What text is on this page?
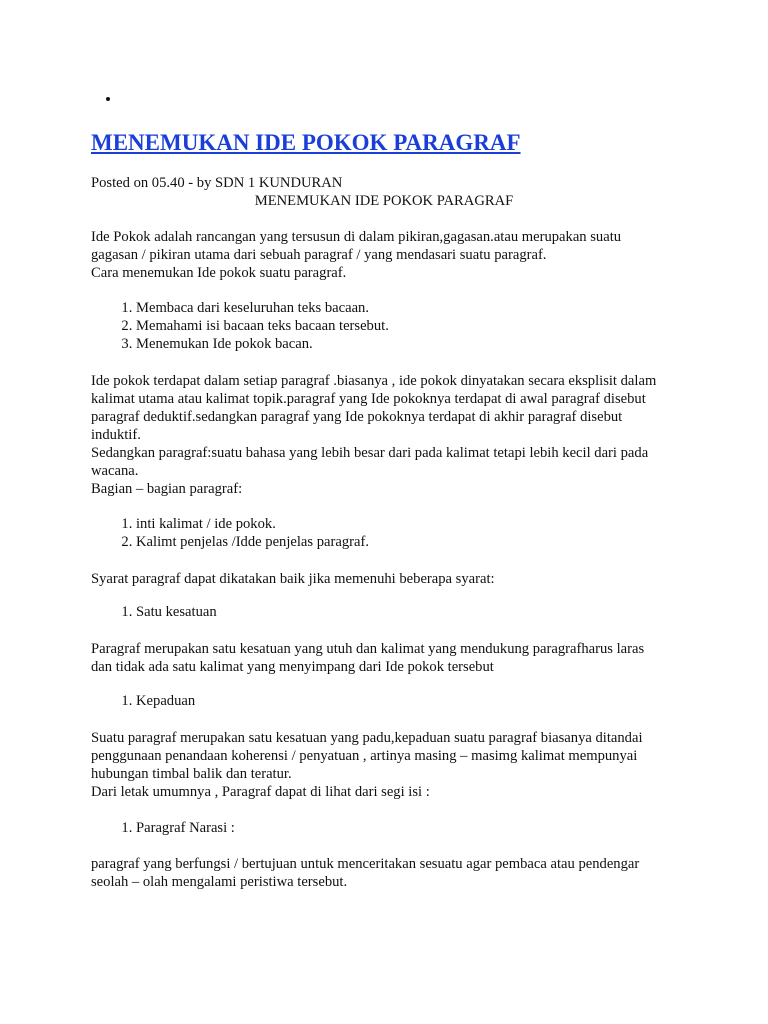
MENEMUKAN IDE POKOK PARAGRAF
Posted on 05.40 - by SDN 1 KUNDURAN
MENEMUKAN IDE POKOK PARAGRAF

Ide Pokok adalah rancangan yang tersusun di dalam pikiran,gagasan.atau merupakan suatu

gagasan / pikiran utama dari sebuah paragraf / yang mendasari suatu paragraf.

Cara menemukan Ide pokok suatu paragraf.

1. Membaca dari keseluruhan teks bacaan.
2. Memahami isi bacaan teks bacaan tersebut.
3. Menemukan Ide pokok bacan.

Ide pokok terdapat dalam setiap paragraf .biasanya , ide pokok dinyatakan secara eksplisit dalam

kalimat utama atau kalimat topik.paragraf yang Ide pokoknya terdapat di awal paragraf disebut

paragraf deduktif.sedangkan paragraf yang Ide pokoknya terdapat di akhir paragraf disebut

induktif.

Sedangkan paragraf:suatu bahasa yang lebih besar dari pada kalimat tetapi lebih kecil dari pada

wacana.

Bagian – bagian paragraf:

1. inti kalimat / ide pokok.
2. Kalimt penjelas /Idde penjelas paragraf.

Syarat paragraf dapat dikatakan baik jika memenuhi beberapa syarat:

1. Satu kesatuan

Paragraf merupakan satu kesatuan yang utuh dan kalimat yang mendukung paragrafharus laras

dan tidak ada satu kalimat yang menyimpang dari Ide pokok tersebut

1. Kepaduan

Suatu paragraf merupakan satu kesatuan yang padu,kepaduan suatu paragraf biasanya ditandai

penggunaan penandaan koherensi / penyatuan , artinya masing – masimg kalimat mempunyai

hubungan timbal balik dan teratur.

Dari letak umumnya , Paragraf dapat di lihat dari segi isi :

1. Paragraf Narasi :

paragraf yang berfungsi / bertujuan untuk menceritakan sesuatu agar pembaca atau pendengar

seolah – olah mengalami peristiwa tersebut.
